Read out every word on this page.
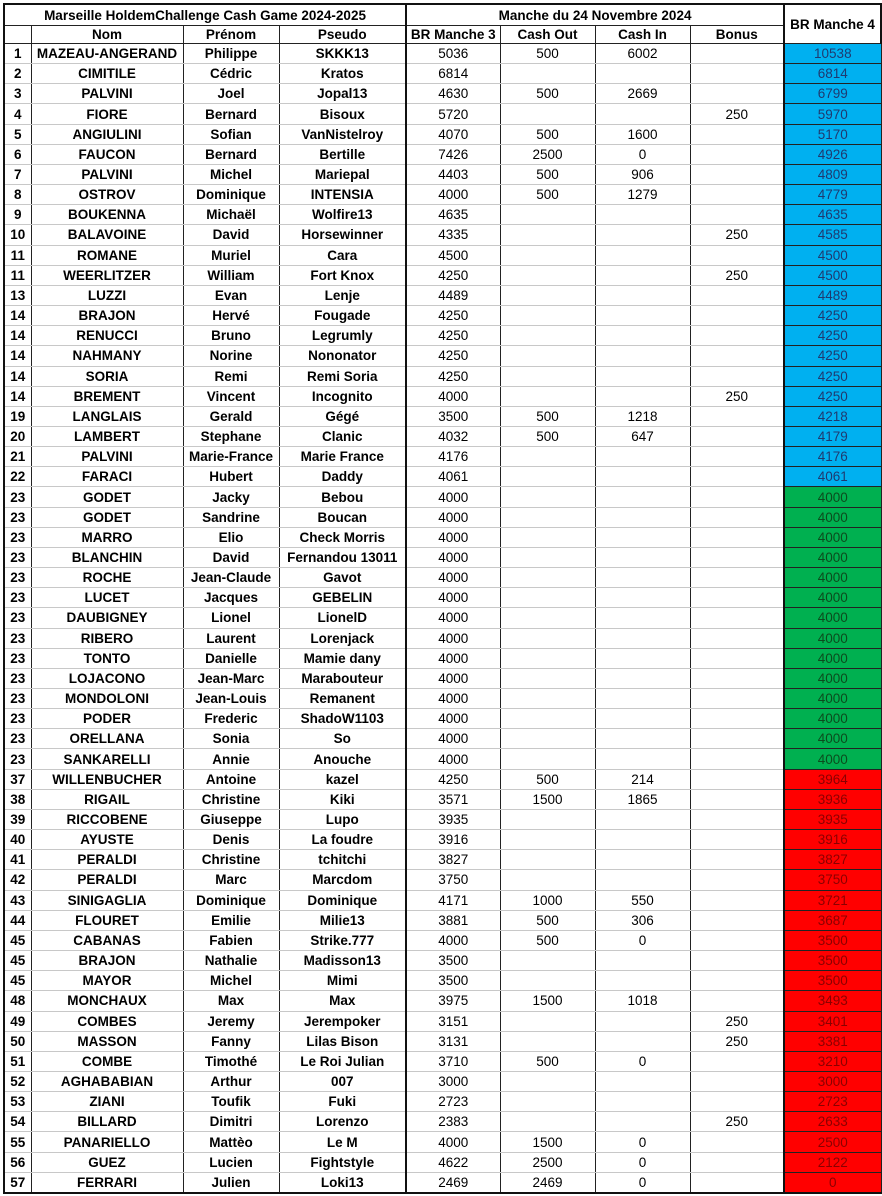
Marseille HoldemChallenge Cash Game 2024-2025				Manche du 24 Novembre 2024				BR Manche 4
	Nom	Prénom	Pseudo	BR Manche 3	Cash Out	Cash In	Bonus	
1	MAZEAU-ANGERAND	Philippe	SKKK13	5036	500	6002		10538
2	CIMITILE	Cédric	Kratos	6814				6814
3	PALVINI	Joel	Jopal13	4630	500	2669		6799
4	FIORE	Bernard	Bisoux	5720			250	5970
5	ANGIULINI	Sofian	VanNistelroy	4070	500	1600		5170
6	FAUCON	Bernard	Bertille	7426	2500	0		4926
7	PALVINI	Michel	Mariepal	4403	500	906		4809
8	OSTROV	Dominique	INTENSIA	4000	500	1279		4779
9	BOUKENNA	Michaël	Wolfire13	4635				4635
10	BALAVOINE	David	Horsewinner	4335			250	4585
11	ROMANE	Muriel	Cara	4500				4500
11	WEERLITZER	William	Fort Knox	4250			250	4500
13	LUZZI	Evan	Lenje	4489				4489
14	BRAJON	Hervé	Fougade	4250				4250
14	RENUCCI	Bruno	Legrumly	4250				4250
14	NAHMANY	Norine	Nononator	4250				4250
14	SORIA	Remi	Remi Soria	4250				4250
14	BREMENT	Vincent	Incognito	4000			250	4250
19	LANGLAIS	Gerald	Gégé	3500	500	1218		4218
20	LAMBERT	Stephane	Clanic	4032	500	647		4179
21	PALVINI	Marie-France	Marie France	4176				4176
22	FARACI	Hubert	Daddy	4061				4061
23	GODET	Jacky	Bebou	4000				4000
23	GODET	Sandrine	Boucan	4000				4000
23	MARRO	Elio	Check Morris	4000				4000
23	BLANCHIN	David	Fernandou 13011	4000				4000
23	ROCHE	Jean-Claude	Gavot	4000				4000
23	LUCET	Jacques	GEBELIN	4000				4000
23	DAUBIGNEY	Lionel	LionelD	4000				4000
23	RIBERO	Laurent	Lorenjack	4000				4000
23	TONTO	Danielle	Mamie dany	4000				4000
23	LOJACONO	Jean-Marc	Marabouteur	4000				4000
23	MONDOLONI	Jean-Louis	Remanent	4000				4000
23	PODER	Frederic	ShadoW1103	4000				4000
23	ORELLANA	Sonia	So	4000				4000
23	SANKARELLI	Annie	Anouche	4000				4000
37	WILLENBUCHER	Antoine	kazel	4250	500	214		3964
38	RIGAIL	Christine	Kiki	3571	1500	1865		3936
39	RICCOBENE	Giuseppe	Lupo	3935				3935
40	AYUSTE	Denis	La foudre	3916				3916
41	PERALDI	Christine	tchitchi	3827				3827
42	PERALDI	Marc	Marcdom	3750				3750
43	SINIGAGLIA	Dominique	Dominique	4171	1000	550		3721
44	FLOURET	Emilie	Milie13	3881	500	306		3687
45	CABANAS	Fabien	Strike.777	4000	500	0		3500
45	BRAJON	Nathalie	Madisson13	3500				3500
45	MAYOR	Michel	Mimi	3500				3500
48	MONCHAUX	Max	Max	3975	1500	1018		3493
49	COMBES	Jeremy	Jerempoker	3151			250	3401
50	MASSON	Fanny	Lilas Bison	3131			250	3381
51	COMBE	Timothé	Le Roi Julian	3710	500	0		3210
52	AGHABABIAN	Arthur	007	3000				3000
53	ZIANI	Toufik	Fuki	2723				2723
54	BILLARD	Dimitri	Lorenzo	2383			250	2633
55	PANARIELLO	Mattèo	Le M	4000	1500	0		2500
56	GUEZ	Lucien	Fightstyle	4622	2500	0		2122
57	FERRARI	Julien	Loki13	2469	2469	0		0
